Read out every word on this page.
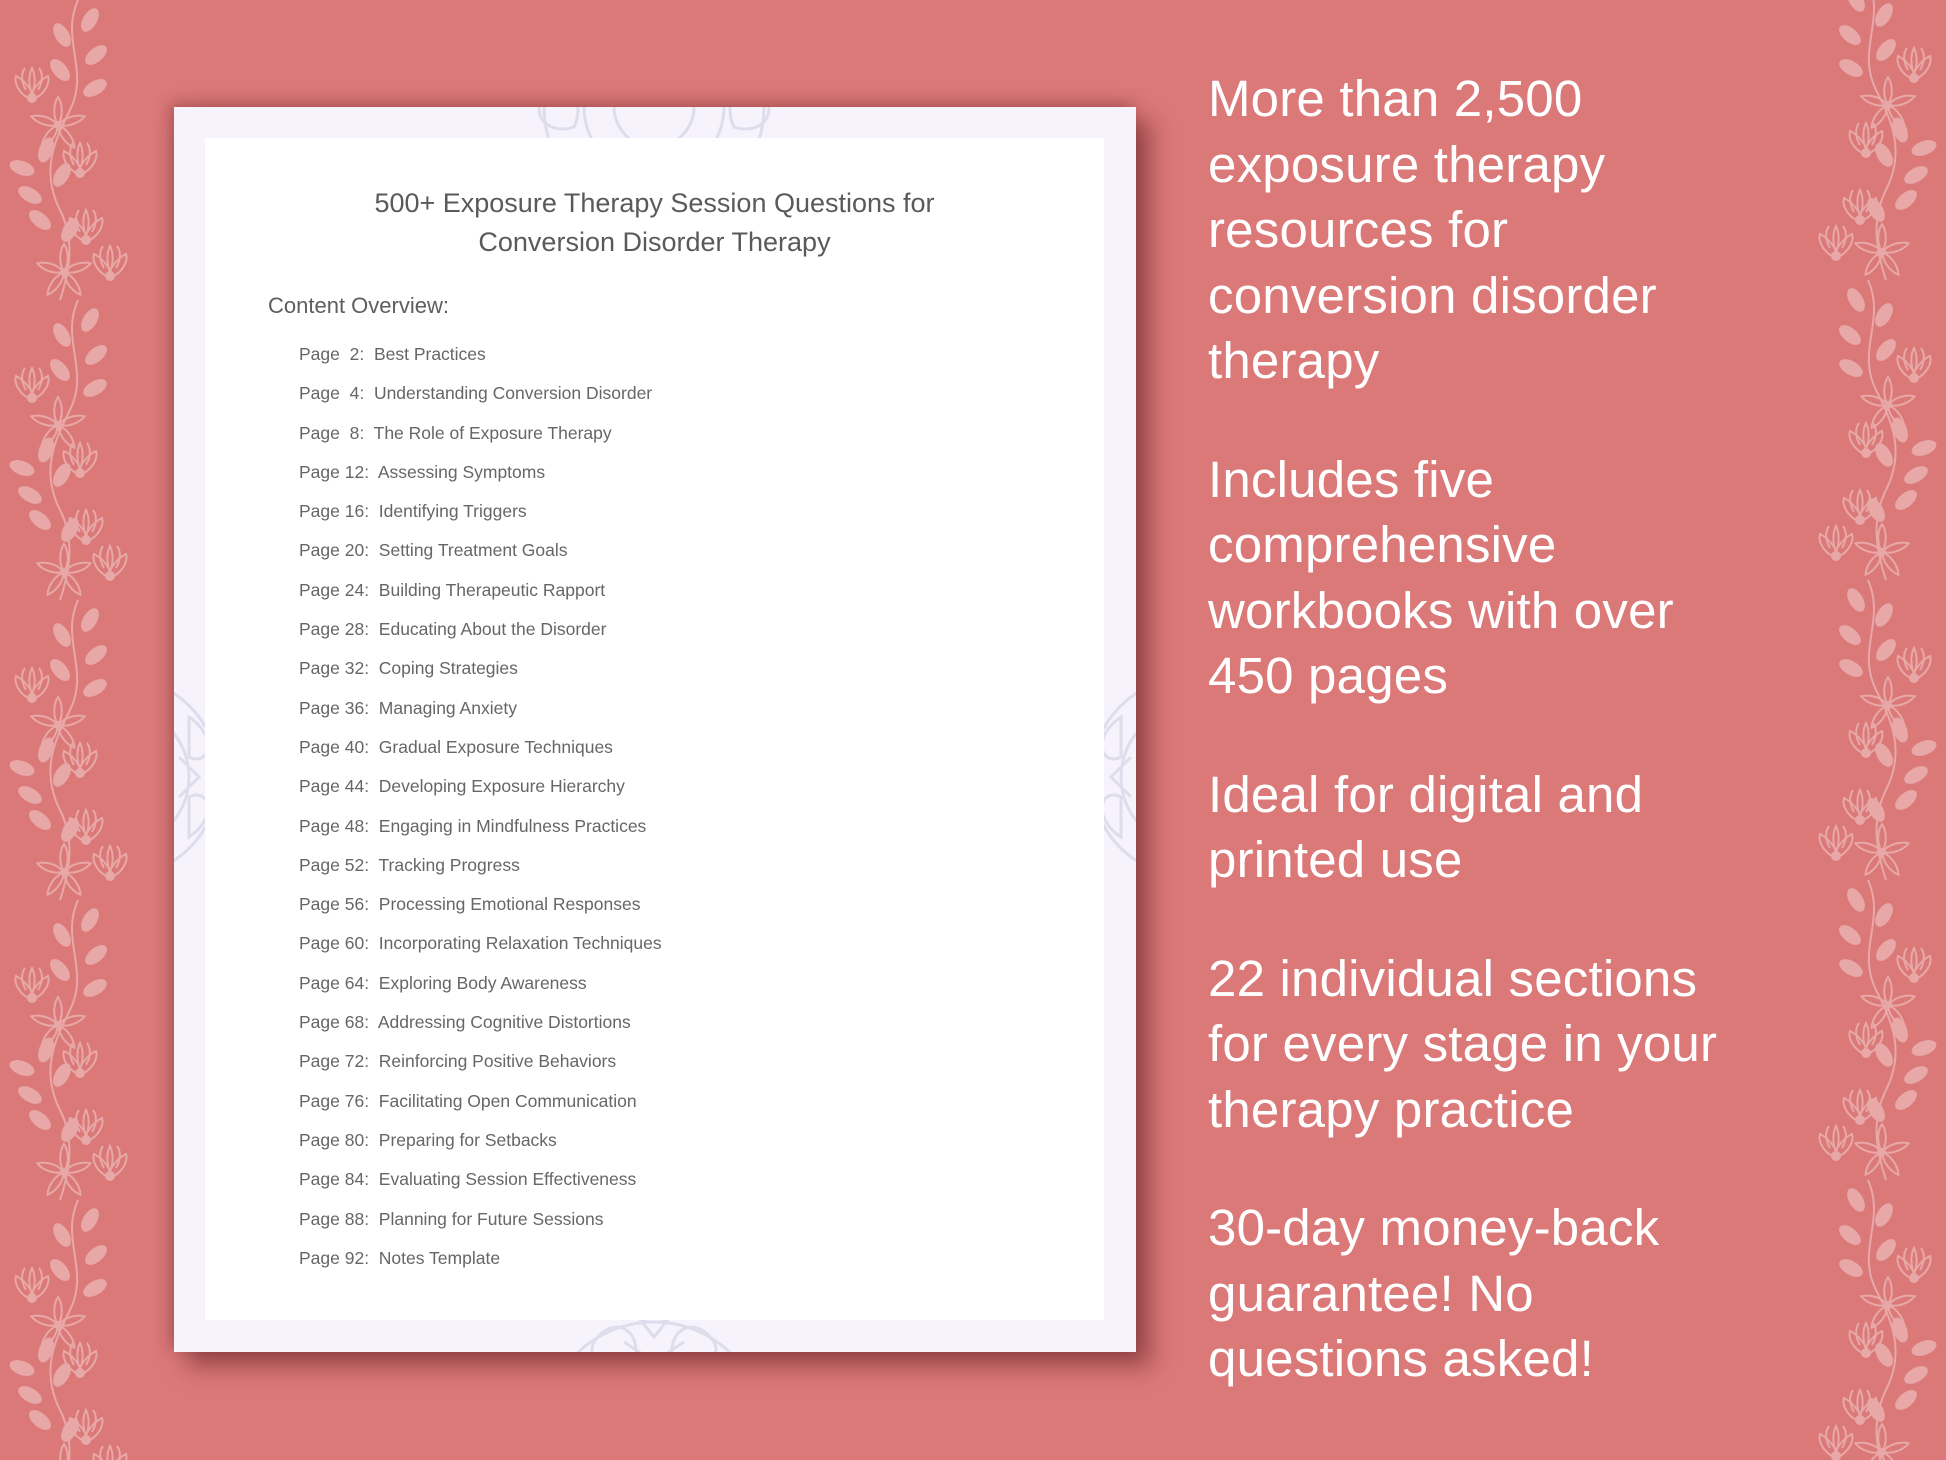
500+ Exposure Therapy Session Questions for
Conversion Disorder Therapy
Content Overview:
Page  2: Best Practices
Page  4: Understanding Conversion Disorder
Page  8: The Role of Exposure Therapy
Page 12: Assessing Symptoms
Page 16: Identifying Triggers
Page 20: Setting Treatment Goals
Page 24: Building Therapeutic Rapport
Page 28: Educating About the Disorder
Page 32: Coping Strategies
Page 36: Managing Anxiety
Page 40: Gradual Exposure Techniques
Page 44: Developing Exposure Hierarchy
Page 48: Engaging in Mindfulness Practices
Page 52: Tracking Progress
Page 56: Processing Emotional Responses
Page 60: Incorporating Relaxation Techniques
Page 64: Exploring Body Awareness
Page 68: Addressing Cognitive Distortions
Page 72: Reinforcing Positive Behaviors
Page 76: Facilitating Open Communication
Page 80: Preparing for Setbacks
Page 84: Evaluating Session Effectiveness
Page 88: Planning for Future Sessions
Page 92: Notes Template
More than 2,500
exposure therapy
resources for
conversion disorder
therapy
Includes five
comprehensive
workbooks with over
450 pages
Ideal for digital and
printed use
22 individual sections
for every stage in your
therapy practice
30-day money-back
guarantee! No
questions asked!
